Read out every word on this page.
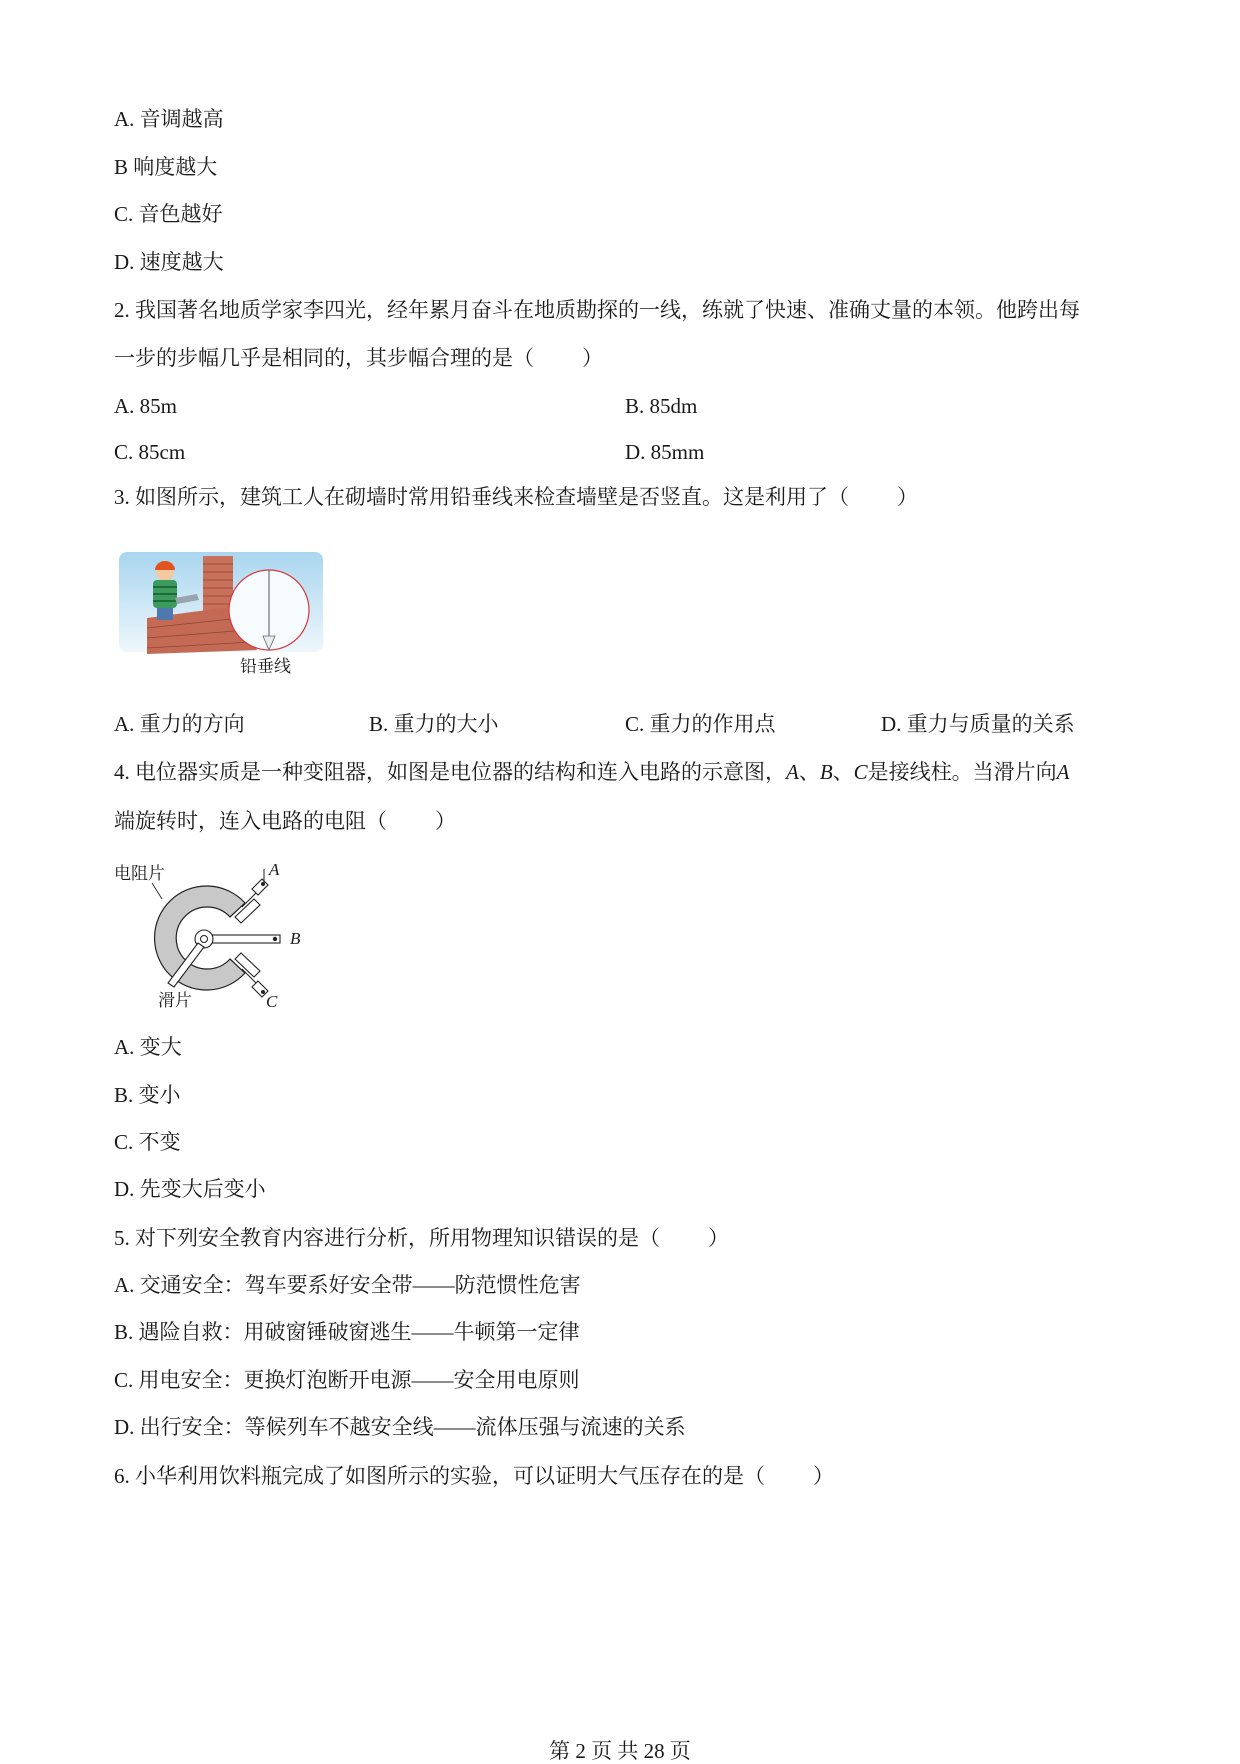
A. 音调越高
B 响度越大
C. 音色越好
D. 速度越大
2. 我国著名地质学家李四光，经年累月奋斗在地质勘探的一线，练就了快速、准确丈量的本领。他跨出每
一步的步幅几乎是相同的，其步幅合理的是（ ）
A. 85m	B. 85dm
C. 85cm	D. 85mm
3. 如图所示，建筑工人在砌墙时常用铅垂线来检查墙壁是否竖直。这是利用了（ ）
铅垂线
A. 重力的方向	B. 重力的大小	C. 重力的作用点	D. 重力与质量的关系
4. 电位器实质是一种变阻器，如图是电位器的结构和连入电路的示意图，A、B、C是接线柱。当滑片向A
端旋转时，连入电路的电阻（ ）
电阻片
滑片
A
B
C
A. 变大
B. 变小
C. 不变
D. 先变大后变小
5. 对下列安全教育内容进行分析，所用物理知识错误的是（ ）
A. 交通安全：驾车要系好安全带——防范惯性危害
B. 遇险自救：用破窗锤破窗逃生——牛顿第一定律
C. 用电安全：更换灯泡断开电源——安全用电原则
D. 出行安全：等候列车不越安全线——流体压强与流速的关系
6. 小华利用饮料瓶完成了如图所示的实验，可以证明大气压存在的是（ ）
第 2 页 共 28 页
